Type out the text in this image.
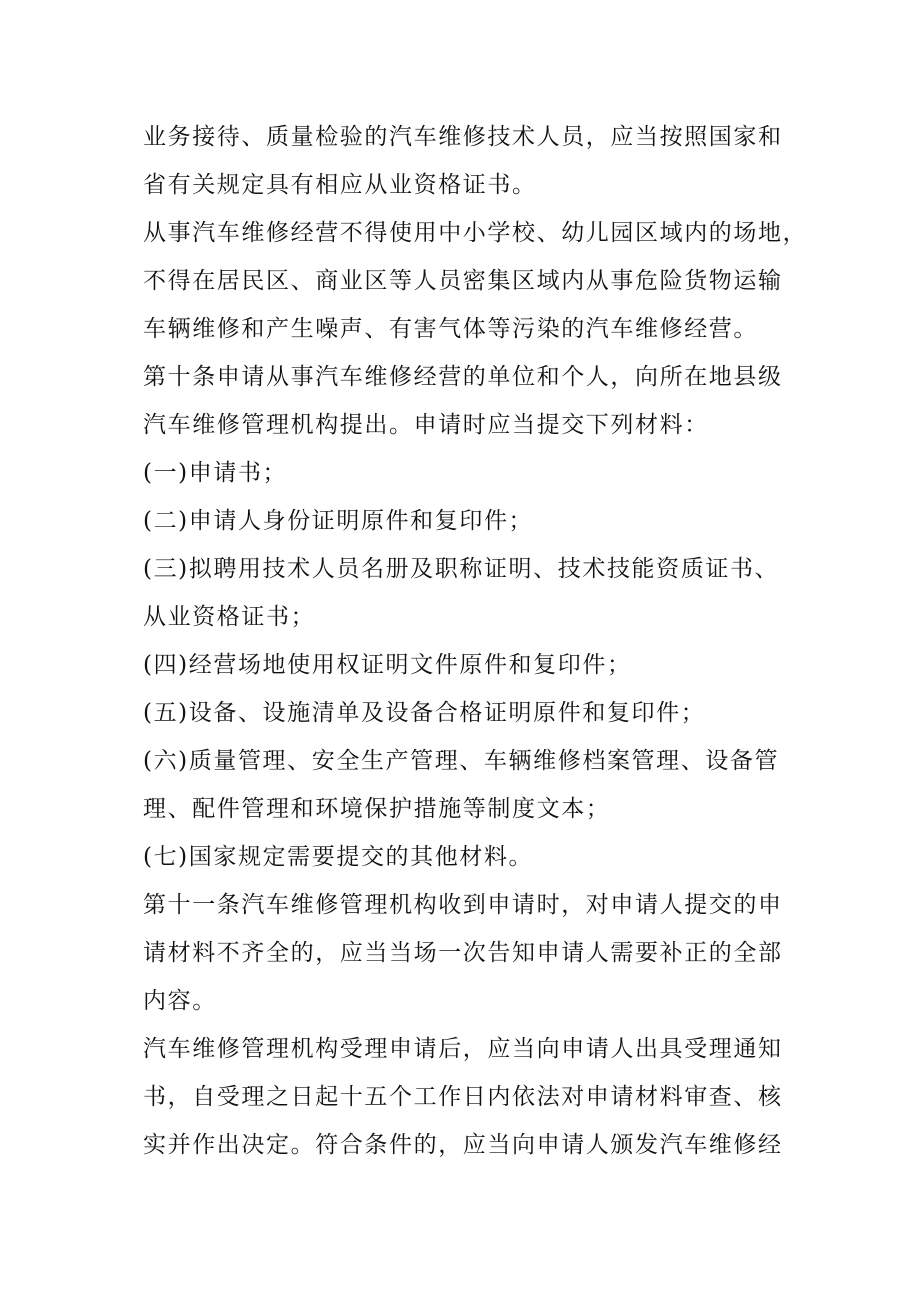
业务接待、质量检验的汽车维修技术人员，应当按照国家和

省有关规定具有相应从业资格证书。

从事汽车维修经营不得使用中小学校、幼儿园区域内的场地，

不得在居民区、商业区等人员密集区域内从事危险货物运输

车辆维修和产生噪声、有害气体等污染的汽车维修经营。

第十条申请从事汽车维修经营的单位和个人，向所在地县级

汽车维修管理机构提出。申请时应当提交下列材料：

(一)申请书；

(二)申请人身份证明原件和复印件；

(三)拟聘用技术人员名册及职称证明、技术技能资质证书、

从业资格证书；

(四)经营场地使用权证明文件原件和复印件；

(五)设备、设施清单及设备合格证明原件和复印件；

(六)质量管理、安全生产管理、车辆维修档案管理、设备管

理、配件管理和环境保护措施等制度文本；

(七)国家规定需要提交的其他材料。

第十一条汽车维修管理机构收到申请时，对申请人提交的申

请材料不齐全的，应当当场一次告知申请人需要补正的全部

内容。

汽车维修管理机构受理申请后，应当向申请人出具受理通知

书，自受理之日起十五个工作日内依法对申请材料审查、核

实并作出决定。符合条件的，应当向申请人颁发汽车维修经
